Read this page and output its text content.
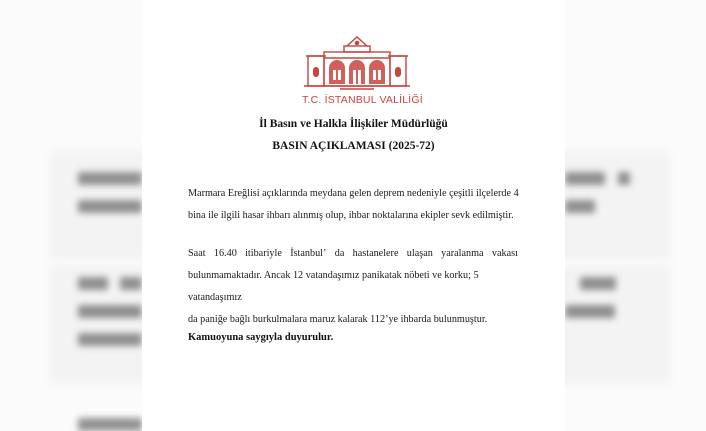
T.C. İSTANBUL VALİLİĞİ
İl Basın ve Halkla İlişkiler Müdürlüğü
BASIN AÇIKLAMASI (2025-72)
Marmara Ereğlisi açıklarında meydana gelen deprem nedeniyle çeşitli ilçelerde 4
bina ile ilgili hasar ihbarı alınmış olup, ihbar noktalarına ekipler sevk edilmiştir.
Saat 16.40 itibariyle İstanbul’ da hastanelere ulaşan yaralanma vakası
bulunmamaktadır. Ancak 12 vatandaşımız panikatak nöbeti ve korku; 5 vatandaşımız
da paniğe bağlı burkulmalara maruz kalarak 112’ye ihbarda bulunmuştur.
Kamuoyuna saygıyla duyurulur.
